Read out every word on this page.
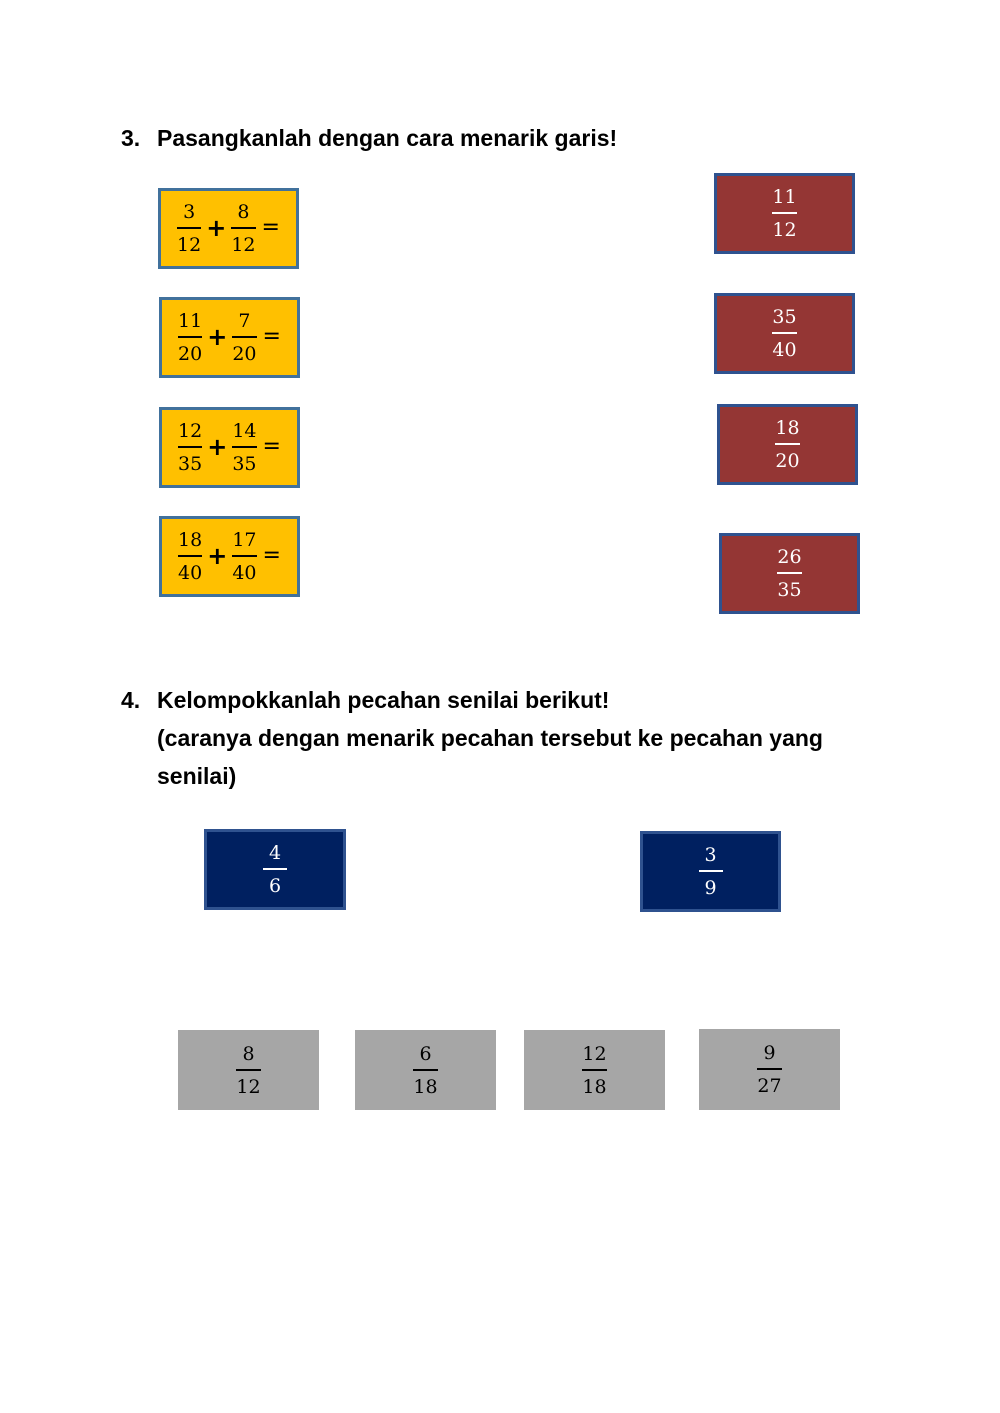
3. Pasangkanlah dengan cara menarik garis!
$\frac{3}{12} + \frac{8}{12}$ =
$\frac{11}{20} + \frac{7}{20}$ =
$\frac{12}{35} + \frac{14}{35}$ =
$\frac{18}{40} + \frac{17}{40}$ =
$\frac{11}{12}$
$\frac{35}{40}$
$\frac{18}{20}$
$\frac{26}{35}$
4. Kelompokkanlah pecahan senilai berikut!
(caranya dengan menarik pecahan tersebut ke pecahan yang
senilai)
$\frac{4}{6}$	$\frac{3}{9}$
$\frac{8}{12}$	$\frac{6}{18}$	$\frac{12}{18}$	$\frac{9}{27}$
